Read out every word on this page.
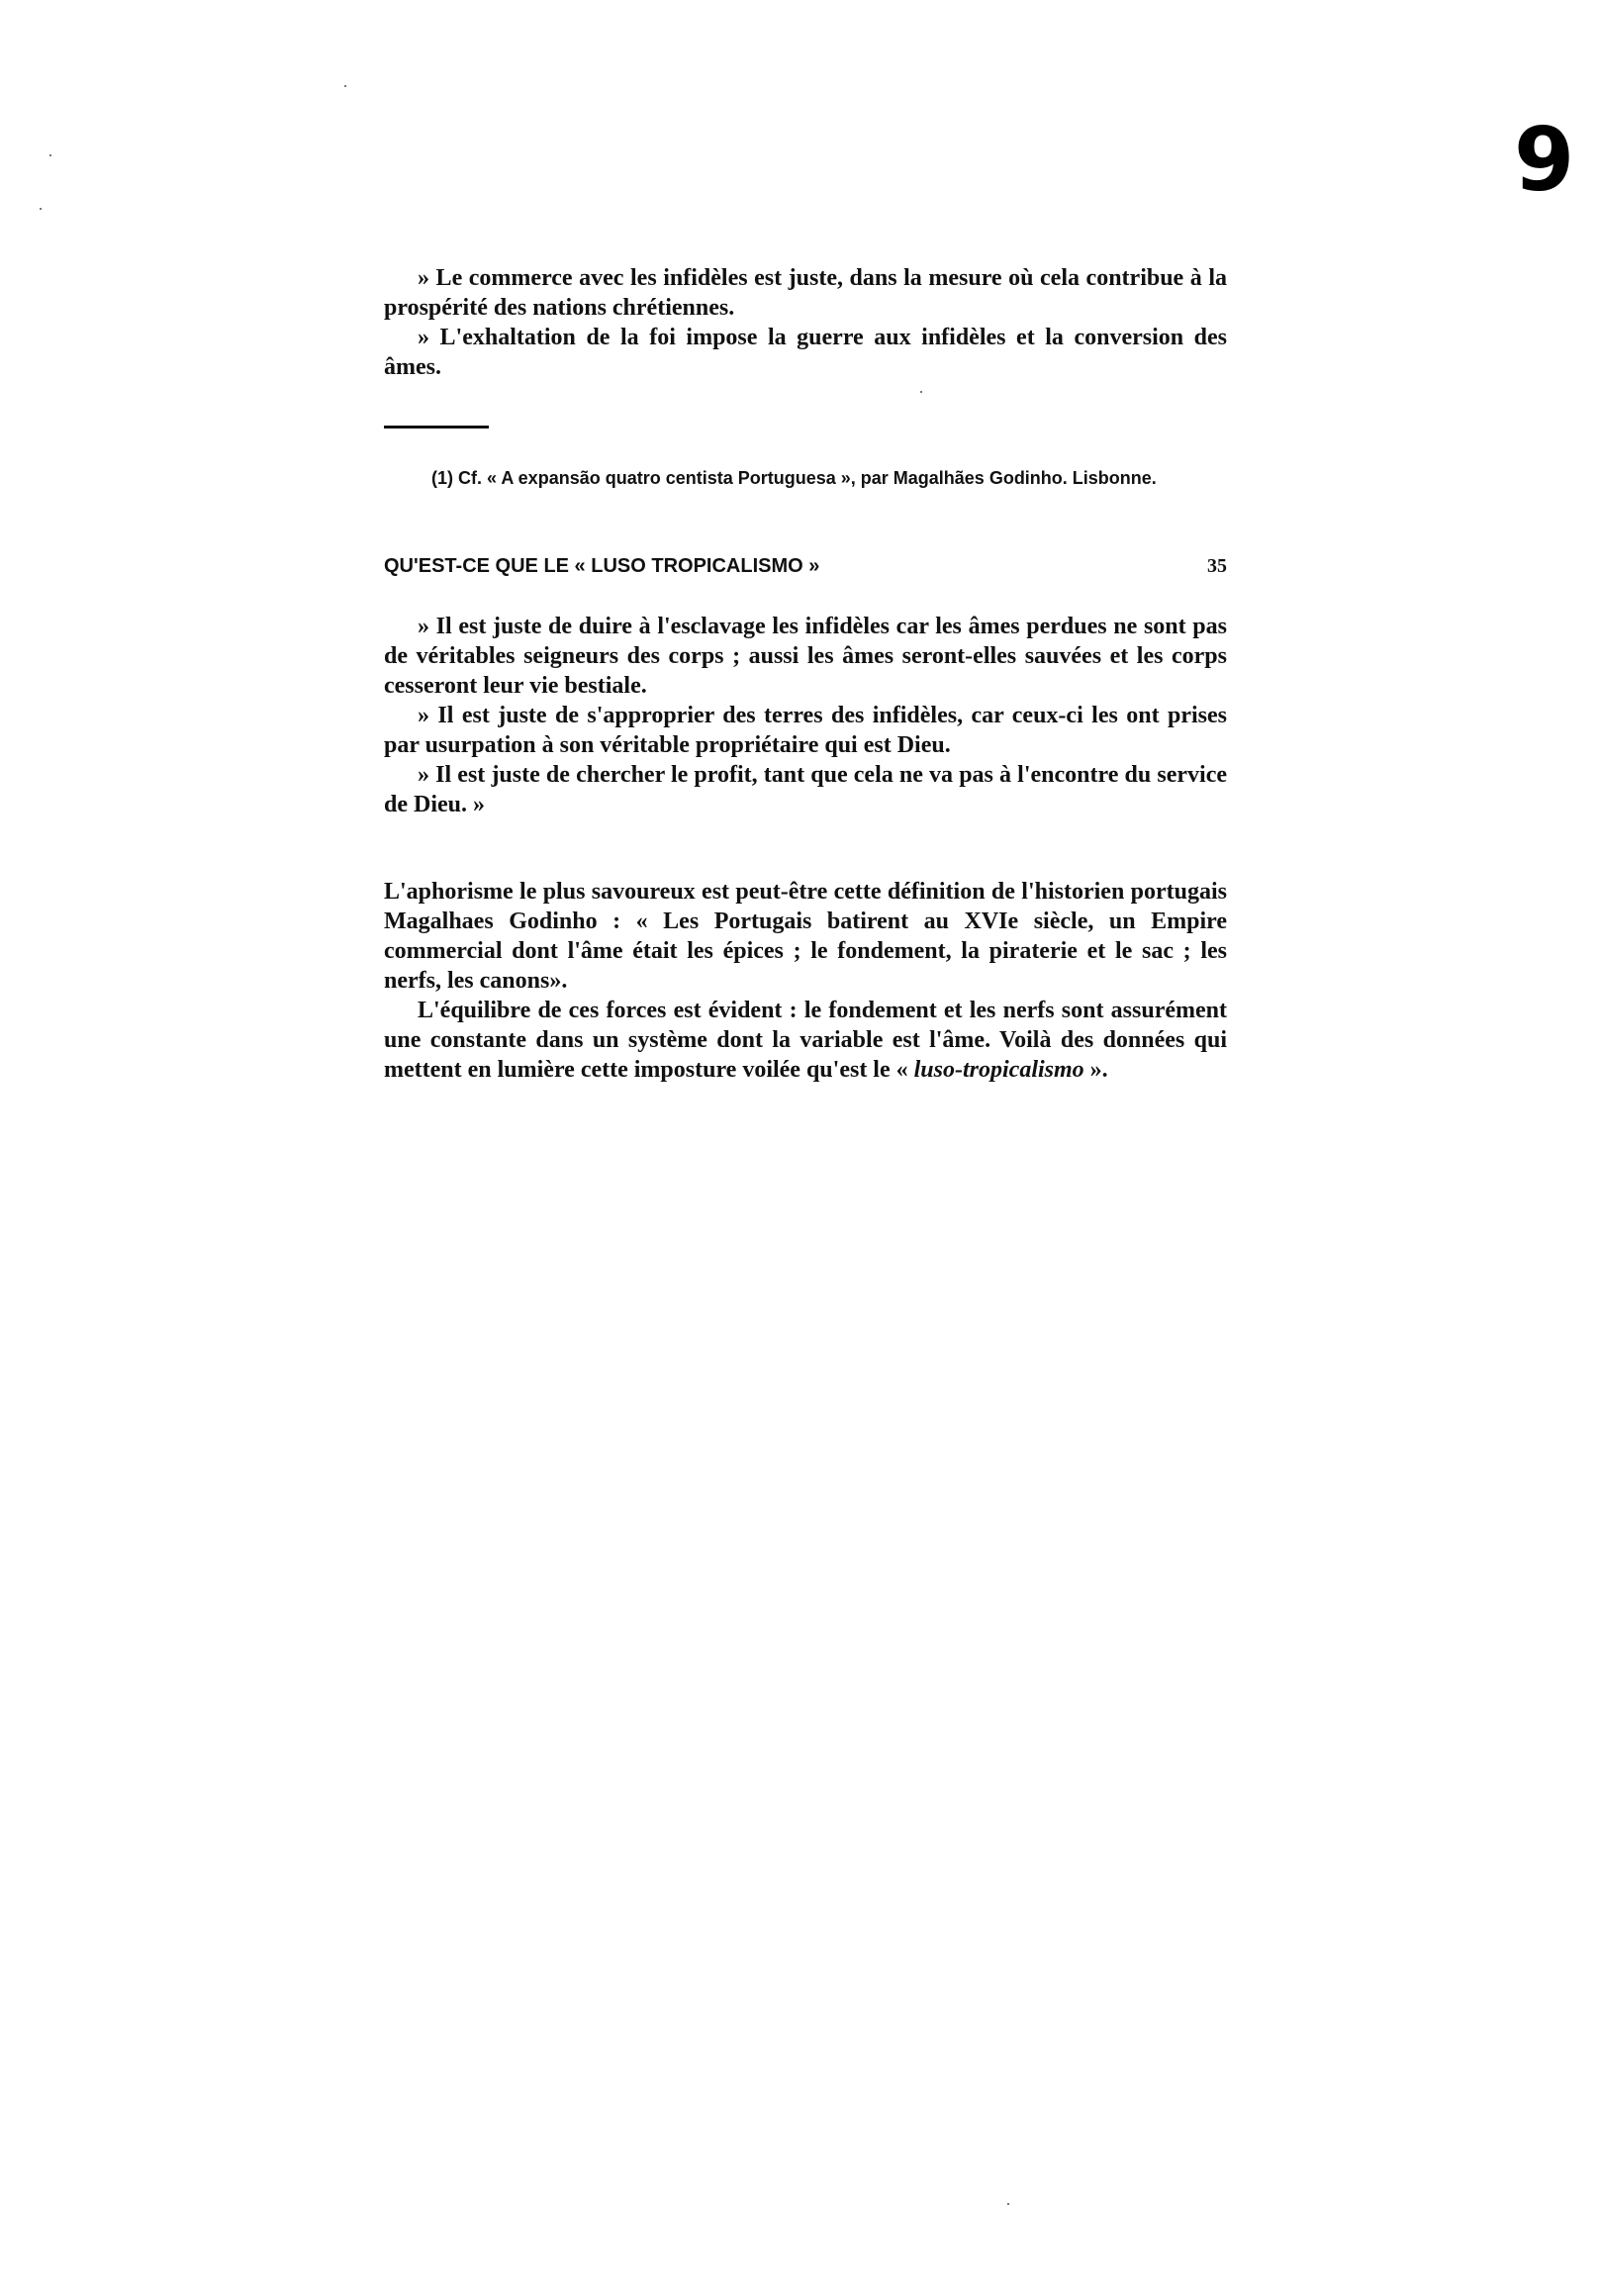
9

» Le commerce avec les infidèles est juste, dans la mesure où cela contribue à la prospérité des nations chrétiennes.

» L'exhaltation de la foi impose la guerre aux infidèles et la conversion des âmes.

(1) Cf. « A expansão quatro centista Portuguesa », par Magalhães Godinho. Lisbonne.
QU'EST-CE QUE LE « LUSO TROPICALISMO »	35

» Il est juste de duire à l'esclavage les infidèles car les âmes perdues ne sont pas de véritables seigneurs des corps ; aussi les âmes seront-elles sauvées et les corps cesseront leur vie bestiale.

» Il est juste de s'approprier des terres des infidèles, car ceux-ci les ont prises par usurpation à son véritable propriétaire qui est Dieu.

» Il est juste de chercher le profit, tant que cela ne va pas à l'encontre du service de Dieu. »

L'aphorisme le plus savoureux est peut-être cette définition de l'historien portugais Magalhaes Godinho : « Les Portugais batirent au XVIe siècle, un Empire commercial dont l'âme était les épices ; le fondement, la piraterie et le sac ; les nerfs, les canons».

L'équilibre de ces forces est évident : le fondement et les nerfs sont assurément une constante dans un système dont la variable est l'âme. Voilà des données qui mettent en lumière cette imposture voilée qu'est le « luso-tropicalismo ».
